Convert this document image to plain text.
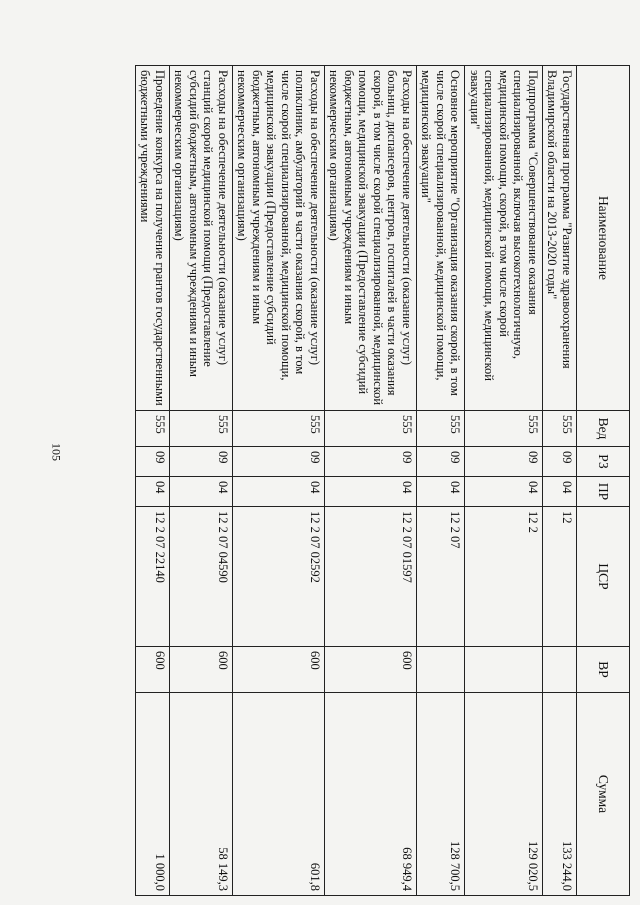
105
Наименование	Вед	РЗ	ПР	ЦСР	ВР	Сумма
Государственная программа "Развитие здравоохранения Владимирской области на 2013-2020 годы"	555	09	04	12		133 244,0
Подпрограмма "Совершенствование оказания специализированной, включая высокотехнологичную, медицинской помощи, скорой, в том числе скорой специализированной, медицинской помощи, медицинской эвакуации"	555	09	04	12 2		129 020,5
Основное мероприятие "Организация оказания скорой, в том числе скорой специализированной, медицинской помощи, медицинской эвакуации"	555	09	04	12 2 07		128 700,5
Расходы на обеспечение деятельности (оказание услуг) больниц, диспансеров, центров, госпиталей в части оказания скорой, в том числе скорой специализированной, медицинской помощи, медицинской эвакуации (Предоставление субсидий бюджетным, автономным учреждениям и иным некоммерческим организациям)	555	09	04	12 2 07 01597	600	68 949,4
Расходы на обеспечение деятельности (оказание услуг) поликлиник, амбулаторий в части оказания скорой, в том числе скорой специализированной, медицинской помощи, медицинской эвакуации (Предоставление субсидий бюджетным, автономным учреждениям и иным некоммерческим организациям)	555	09	04	12 2 07 02592	600	601,8
Расходы на обеспечение деятельности (оказание услуг) станций скорой медицинской помощи (Предоставление субсидий бюджетным, автономным учреждениям и иным некоммерческим организациям)	555	09	04	12 2 07 04590	600	58 149,3
Проведение конкурса на получение грантов государственными бюджетными учреждениями	555	09	04	12 2 07 22140	600	1 000,0
